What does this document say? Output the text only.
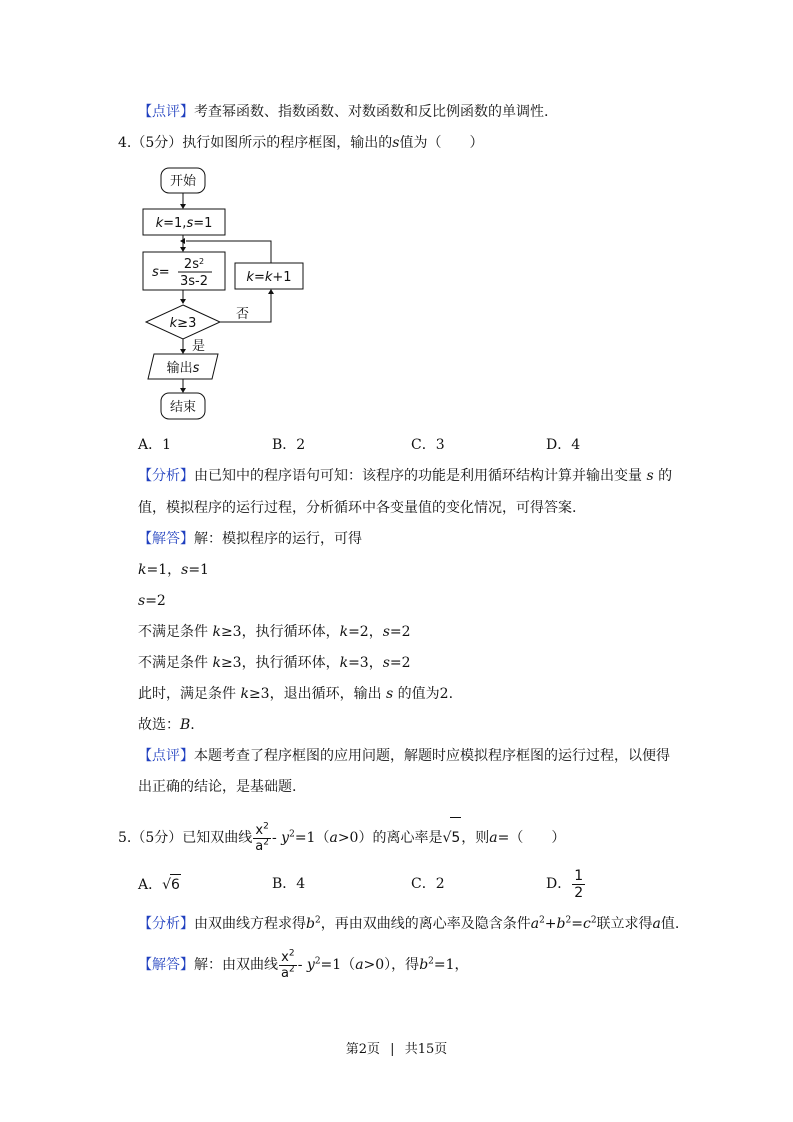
【点评】考查幂函数、指数函数、对数函数和反比例函数的单调性.
4.（5分）执行如图所示的程序框图，输出的s值为（　　）
开始
k=1,s=1
s=
$2s^2$
3s-2	k=k+1
k≥3
否
是
输出s
结束
A．1	B．2	C．3	D．4
【分析】由已知中的程序语句可知：该程序的功能是利用循环结构计算并输出变量 s 的
值，模拟程序的运行过程，分析循环中各变量值的变化情况，可得答案.
【解答】解：模拟程序的运行，可得
k=1，s=1
s=2
不满足条件 k≥3，执行循环体，k=2，s=2
不满足条件 k≥3，执行循环体，k=3，s=2
此时，满足条件 k≥3，退出循环，输出 s 的值为2.
故选：B.
【点评】本题考查了程序框图的应用问题，解题时应模拟程序框图的运行过程，以便得
出正确的结论，是基础题.
5.（5分）已知双曲线 $\frac{x^2}{a^2} - y^2=1(a>0)$的离心率是√5，则a=（　　）
A．√6	B．4	C．2	D． $\frac{1}{2}$
【分析】由双曲线方程求得$b^2$，再由双曲线的离心率及隐含条件$a^2+b^2=c^2$联立求得a值.
【解答】解：由双曲线 $\frac{x^2}{a^2} - y^2=1(a>0)$，得$b^2=1$，
第2页 | 共15页
